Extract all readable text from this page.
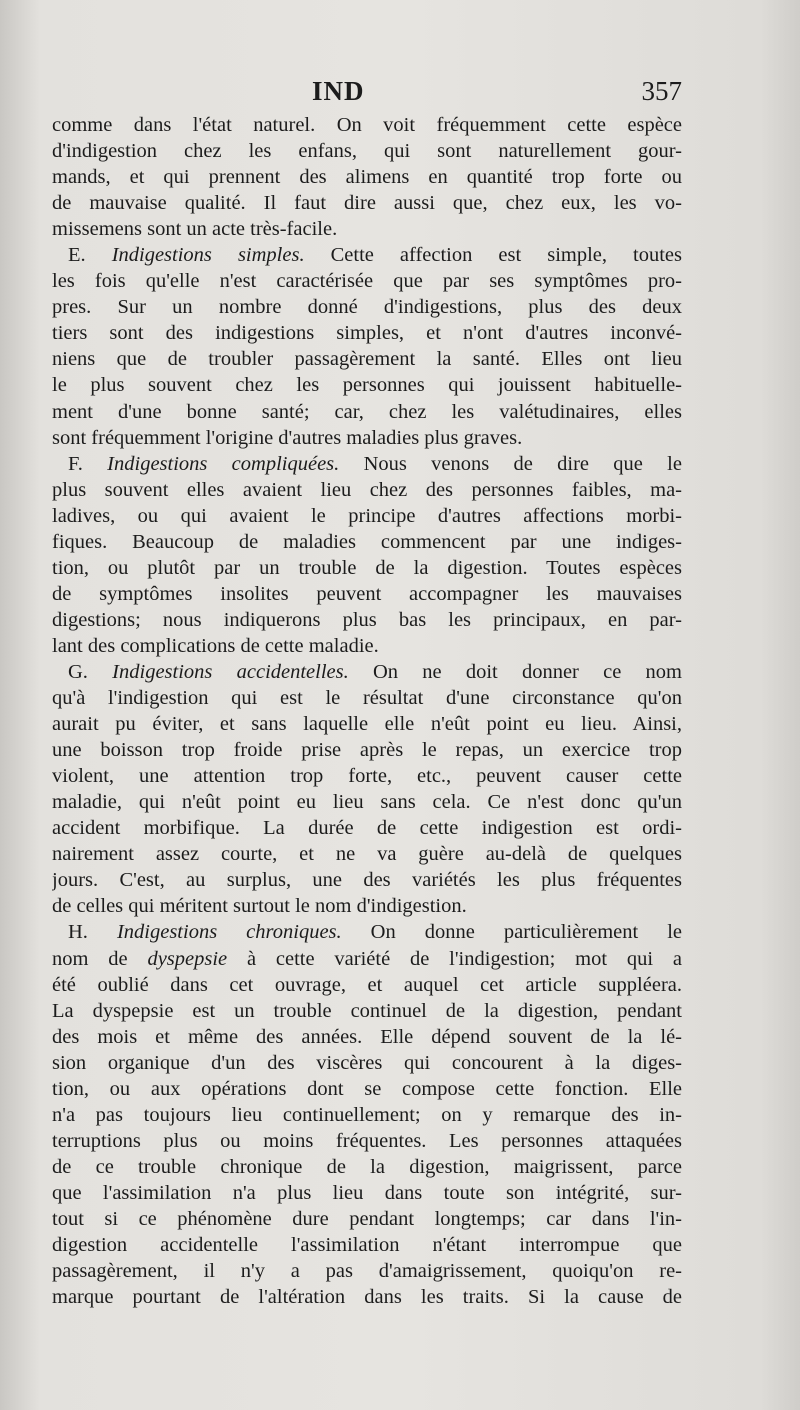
IND	357
comme dans l'état naturel. On voit fréquemment cette espèce
d'indigestion chez les enfans, qui sont naturellement gour-
mands, et qui prennent des alimens en quantité trop forte ou
de mauvaise qualité. Il faut dire aussi que, chez eux, les vo-
missemens sont un acte très-facile.
E. Indigestions simples. Cette affection est simple, toutes
les fois qu'elle n'est caractérisée que par ses symptômes pro-
pres. Sur un nombre donné d'indigestions, plus des deux
tiers sont des indigestions simples, et n'ont d'autres inconvé-
niens que de troubler passagèrement la santé. Elles ont lieu
le plus souvent chez les personnes qui jouissent habituelle-
ment d'une bonne santé; car, chez les valétudinaires, elles
sont fréquemment l'origine d'autres maladies plus graves.
F. Indigestions compliquées. Nous venons de dire que le
plus souvent elles avaient lieu chez des personnes faibles, ma-
ladives, ou qui avaient le principe d'autres affections morbi-
fiques. Beaucoup de maladies commencent par une indiges-
tion, ou plutôt par un trouble de la digestion. Toutes espèces
de symptômes insolites peuvent accompagner les mauvaises
digestions; nous indiquerons plus bas les principaux, en par-
lant des complications de cette maladie.
G. Indigestions accidentelles. On ne doit donner ce nom
qu'à l'indigestion qui est le résultat d'une circonstance qu'on
aurait pu éviter, et sans laquelle elle n'eût point eu lieu. Ainsi,
une boisson trop froide prise après le repas, un exercice trop
violent, une attention trop forte, etc., peuvent causer cette
maladie, qui n'eût point eu lieu sans cela. Ce n'est donc qu'un
accident morbifique. La durée de cette indigestion est ordi-
nairement assez courte, et ne va guère au-delà de quelques
jours. C'est, au surplus, une des variétés les plus fréquentes
de celles qui méritent surtout le nom d'indigestion.
H. Indigestions chroniques. On donne particulièrement le
nom de dyspepsie à cette variété de l'indigestion; mot qui a
été oublié dans cet ouvrage, et auquel cet article suppléera.
La dyspepsie est un trouble continuel de la digestion, pendant
des mois et même des années. Elle dépend souvent de la lé-
sion organique d'un des viscères qui concourent à la diges-
tion, ou aux opérations dont se compose cette fonction. Elle
n'a pas toujours lieu continuellement; on y remarque des in-
terruptions plus ou moins fréquentes. Les personnes attaquées
de ce trouble chronique de la digestion, maigrissent, parce
que l'assimilation n'a plus lieu dans toute son intégrité, sur-
tout si ce phénomène dure pendant longtemps; car dans l'in-
digestion accidentelle l'assimilation n'étant interrompue que
passagèrement, il n'y a pas d'amaigrissement, quoiqu'on re-
marque pourtant de l'altération dans les traits. Si la cause de
